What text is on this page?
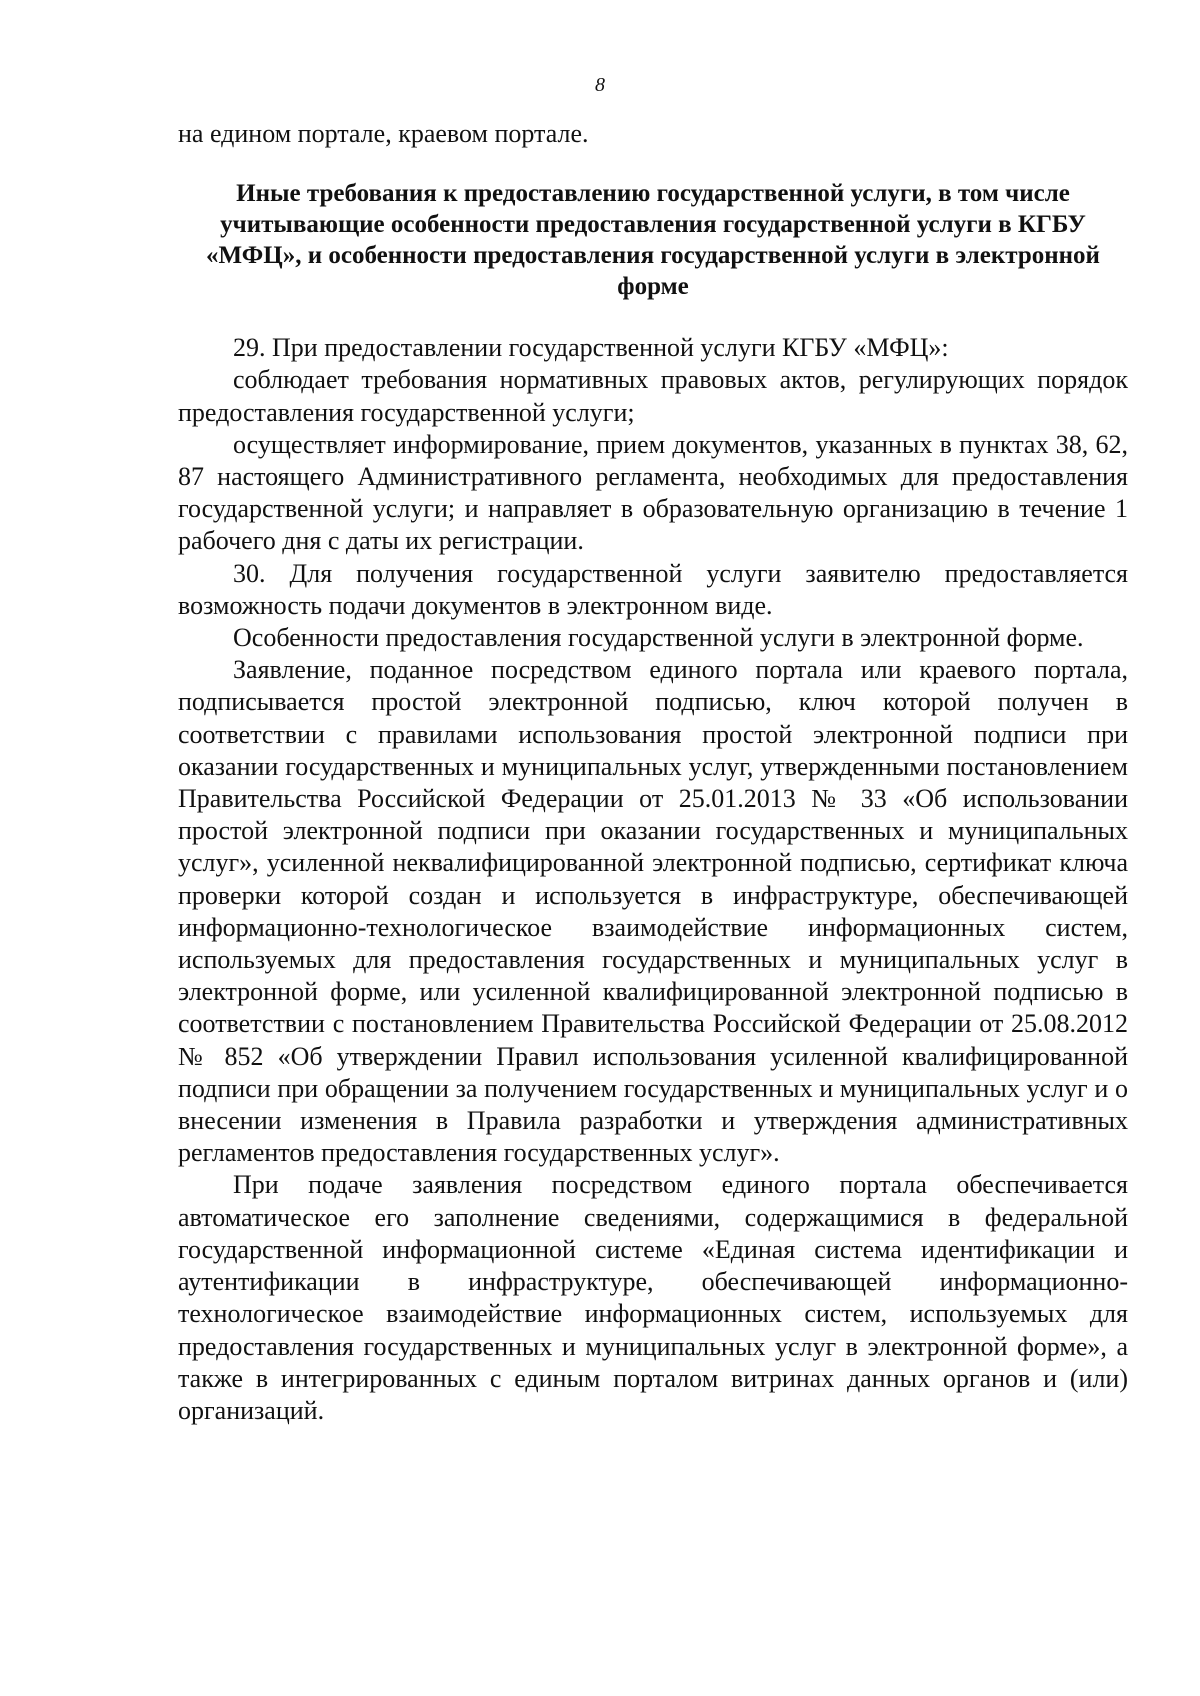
8

на едином портале, краевом портале.

Иные требования к предоставлению государственной услуги, в том числе учитывающие особенности предоставления государственной услуги в КГБУ «МФЦ», и особенности предоставления государственной услуги в электронной форме

29. При предоставлении государственной услуги КГБУ «МФЦ»:

соблюдает требования нормативных правовых актов, регулирующих порядок предоставления государственной услуги;

осуществляет информирование, прием документов, указанных в пунктах 38, 62, 87 настоящего Административного регламента, необходимых для предоставления государственной услуги; и направляет в образовательную организацию в течение 1 рабочего дня с даты их регистрации.

30. Для получения государственной услуги заявителю предоставляется возможность подачи документов в электронном виде.

Особенности предоставления государственной услуги в электронной форме.

Заявление, поданное посредством единого портала или краевого портала, подписывается простой электронной подписью, ключ которой получен в соответствии с правилами использования простой электронной подписи при оказании государственных и муниципальных услуг, утвержденными постановлением Правительства Российской Федерации от 25.01.2013 № 33 «Об использовании простой электронной подписи при оказании государственных и муниципальных услуг», усиленной неквалифицированной электронной подписью, сертификат ключа проверки которой создан и используется в инфраструктуре, обеспечивающей информационно-технологическое взаимодействие информационных систем, используемых для предоставления государственных и муниципальных услуг в электронной форме, или усиленной квалифицированной электронной подписью в соответствии с постановлением Правительства Российской Федерации от 25.08.2012 № 852 «Об утверждении Правил использования усиленной квалифицированной подписи при обращении за получением государственных и муниципальных услуг и о внесении изменения в Правила разработки и утверждения административных регламентов предоставления государственных услуг».

При подаче заявления посредством единого портала обеспечивается автоматическое его заполнение сведениями, содержащимися в федеральной государственной информационной системе «Единая система идентификации и аутентификации в инфраструктуре, обеспечивающей информационно-технологическое взаимодействие информационных систем, используемых для предоставления государственных и муниципальных услуг в электронной форме», а также в интегрированных с единым порталом витринах данных органов и (или) организаций.
